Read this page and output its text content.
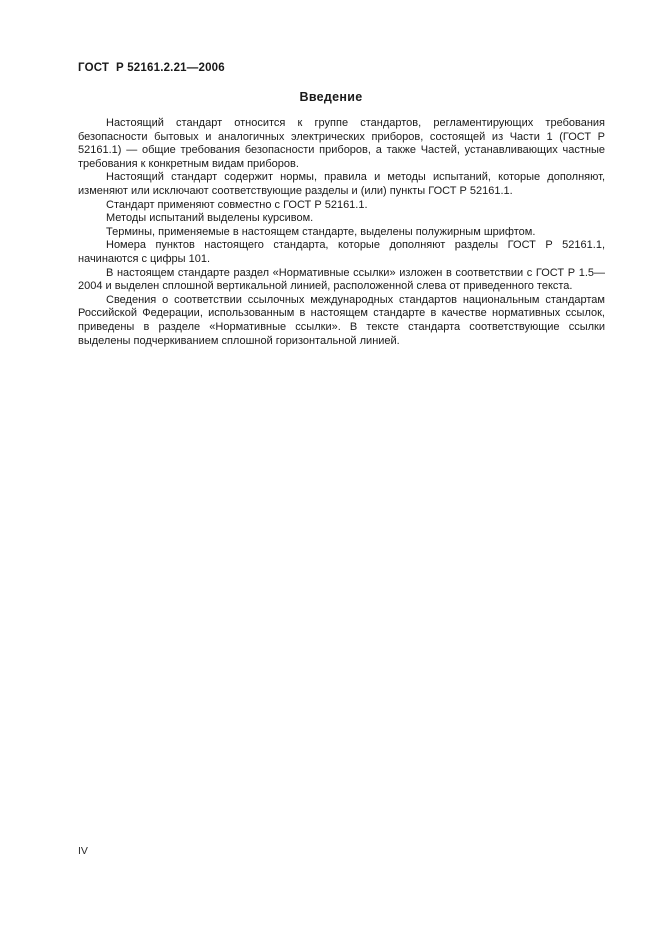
ГОСТ  Р 52161.2.21—2006
Введение

Настоящий стандарт относится к группе стандартов, регламентирующих требования безопасности бытовых и аналогичных электрических приборов, состоящей из Части 1 (ГОСТ Р 52161.1) — общие требования безопасности приборов, а также Частей, устанавливающих частные требования к конкретным видам приборов.

Настоящий стандарт содержит нормы, правила и методы испытаний, которые дополняют, изменяют или исключают соответствующие разделы и (или) пункты ГОСТ Р 52161.1.

Стандарт применяют совместно с ГОСТ Р 52161.1.

Методы испытаний выделены курсивом.

Термины, применяемые в настоящем стандарте, выделены полужирным шрифтом.

Номера пунктов настоящего стандарта, которые дополняют разделы ГОСТ Р 52161.1, начинаются с цифры 101.

В настоящем стандарте раздел «Нормативные ссылки» изложен в соответствии с ГОСТ Р 1.5—2004 и выделен сплошной вертикальной линией, расположенной слева от приведенного текста.

Сведения о соответствии ссылочных международных стандартов национальным стандартам Российской Федерации, использованным в настоящем стандарте в качестве нормативных ссылок, приведены в разделе «Нормативные ссылки». В тексте стандарта соответствующие ссылки выделены подчеркиванием сплошной горизонтальной линией.

IV
